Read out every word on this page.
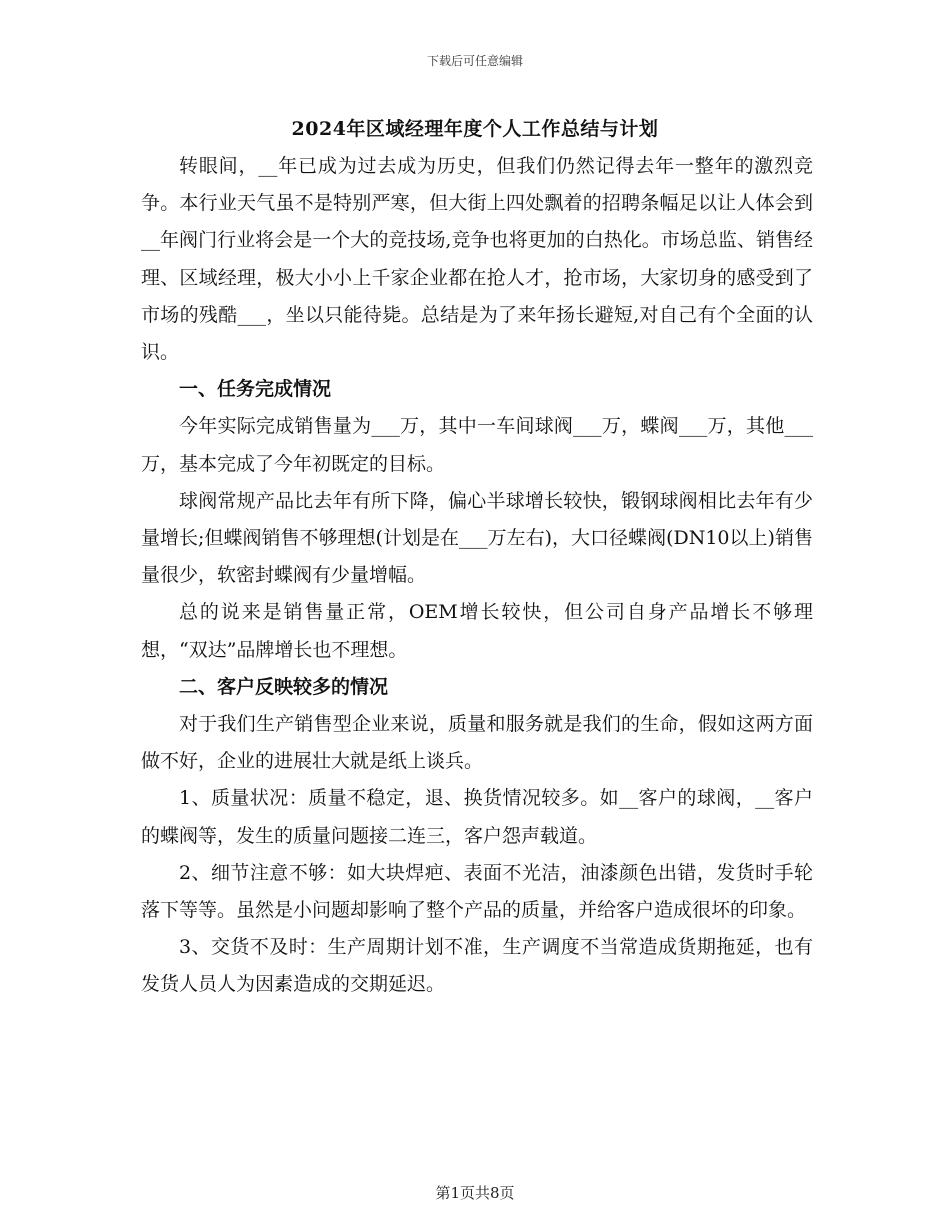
下载后可任意编辑
2024年区域经理年度个人工作总结与计划

转眼间，__年已成为过去成为历史，但我们仍然记得去年一整年的激烈竞争。本行业天气虽不是特别严寒，但大街上四处飘着的招聘条幅足以让人体会到__年阀门行业将会是一个大的竞技场,竞争也将更加的白热化。市场总监、销售经理、区域经理，极大小小上千家企业都在抢人才，抢市场，大家切身的感受到了市场的残酷___，坐以只能待毙。总结是为了来年扬长避短,对自己有个全面的认识。

一、任务完成情况

今年实际完成销售量为___万，其中一车间球阀___万，蝶阀___万，其他___万，基本完成了今年初既定的目标。

球阀常规产品比去年有所下降，偏心半球增长较快，锻钢球阀相比去年有少量增长;但蝶阀销售不够理想(计划是在___万左右)，大口径蝶阀(DN10以上)销售量很少，软密封蝶阀有少量增幅。

总的说来是销售量正常，OEM增长较快，但公司自身产品增长不够理想，“双达”品牌增长也不理想。

二、客户反映较多的情况

对于我们生产销售型企业来说，质量和服务就是我们的生命，假如这两方面做不好，企业的进展壮大就是纸上谈兵。

1、质量状况：质量不稳定，退、换货情况较多。如__客户的球阀，__客户的蝶阀等，发生的质量问题接二连三，客户怨声载道。

2、细节注意不够：如大块焊疤、表面不光洁，油漆颜色出错，发货时手轮落下等等。虽然是小问题却影响了整个产品的质量，并给客户造成很坏的印象。

3、交货不及时：生产周期计划不准，生产调度不当常造成货期拖延，也有发货人员人为因素造成的交期延迟。

第1页共8页
